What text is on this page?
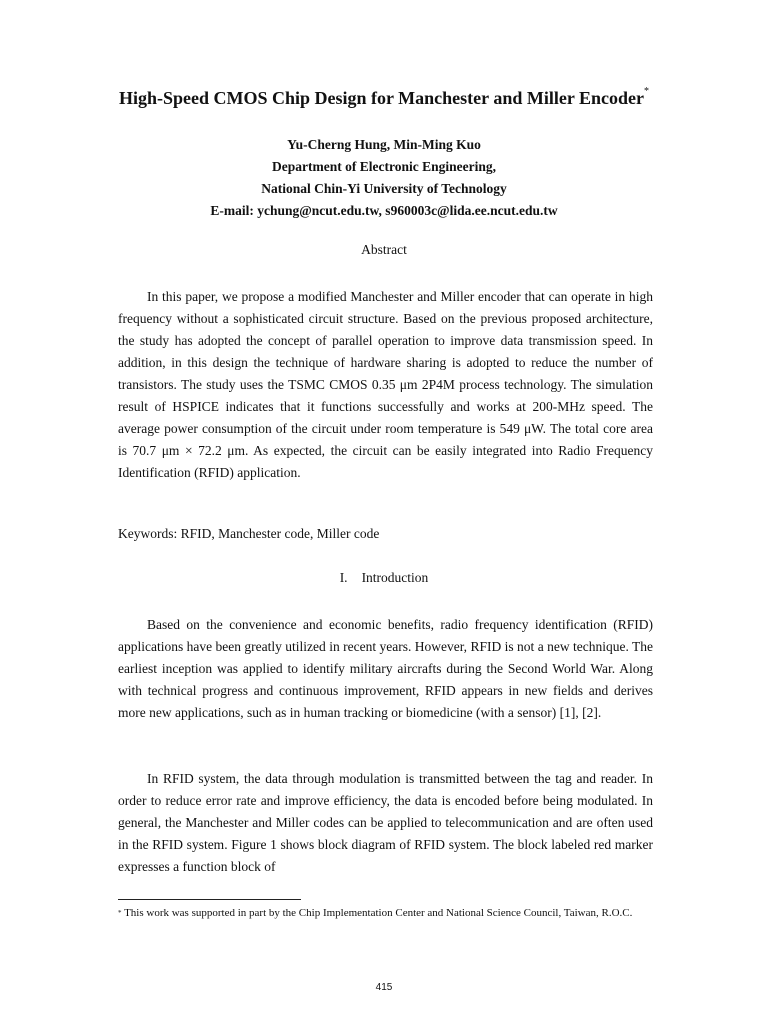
High-Speed CMOS Chip Design for Manchester and Miller Encoder*
Yu-Cherng Hung, Min-Ming Kuo
Department of Electronic Engineering,
National Chin-Yi University of Technology
E-mail: ychung@ncut.edu.tw, s960003c@lida.ee.ncut.edu.tw
Abstract
In this paper, we propose a modified Manchester and Miller encoder that can operate in high frequency without a sophisticated circuit structure. Based on the previous proposed architecture, the study has adopted the concept of parallel operation to improve data transmission speed. In addition, in this design the technique of hardware sharing is adopted to reduce the number of transistors. The study uses the TSMC CMOS 0.35 μm 2P4M process technology. The simulation result of HSPICE indicates that it functions successfully and works at 200-MHz speed. The average power consumption of the circuit under room temperature is 549 μW. The total core area is 70.7 μm × 72.2 μm. As expected, the circuit can be easily integrated into Radio Frequency Identification (RFID) application.
Keywords: RFID, Manchester code, Miller code
I. Introduction
Based on the convenience and economic benefits, radio frequency identification (RFID) applications have been greatly utilized in recent years. However, RFID is not a new technique. The earliest inception was applied to identify military aircrafts during the Second World War. Along with technical progress and continuous improvement, RFID appears in new fields and derives more new applications, such as in human tracking or biomedicine (with a sensor) [1], [2].
In RFID system, the data through modulation is transmitted between the tag and reader. In order to reduce error rate and improve efficiency, the data is encoded before being modulated. In general, the Manchester and Miller codes can be applied to telecommunication and are often used in the RFID system. Figure 1 shows block diagram of RFID system. The block labeled red marker expresses a function block of
* This work was supported in part by the Chip Implementation Center and National Science Council, Taiwan, R.O.C.
415
